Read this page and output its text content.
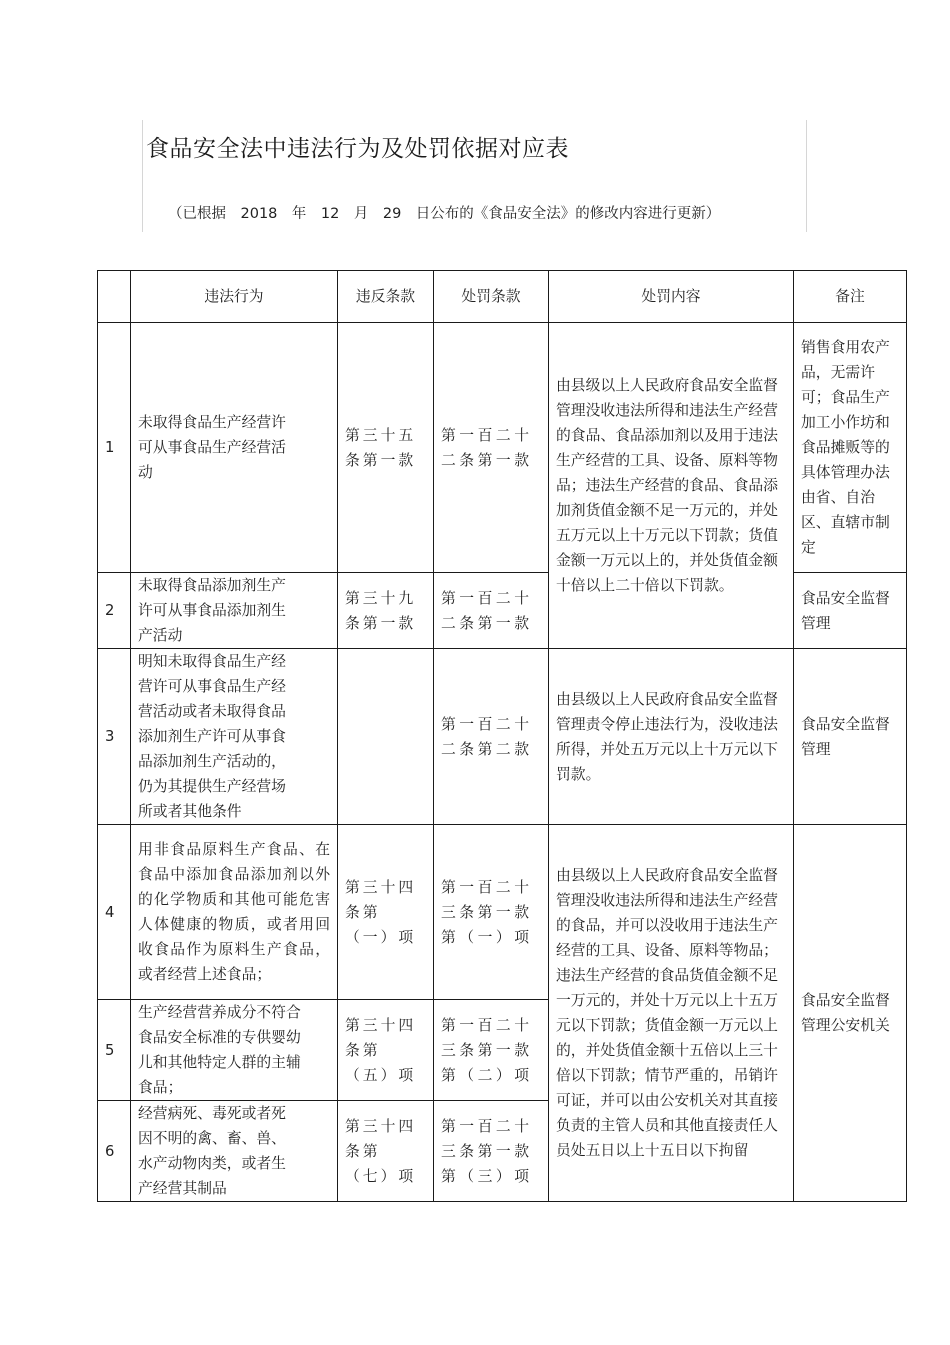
食品安全法中违法行为及处罚依据对应表
（已根据　2018　年　12　月　29　日公布的《食品安全法》的修改内容进行更新）
	违法行为	违反条款	处罚条款	处罚内容	备注
1	未取得食品生产经营许可从事食品生产经营活动	第三十五条第一款	第一百二十二条第一款	由县级以上人民政府食品安全监督管理没收违法所得和违法生产经营的食品、食品添加剂以及用于违法生产经营的工具、设备、原料等物品；违法生产经营的食品、食品添加剂货值金额不足一万元的，并处五万元以上十万元以下罚款；货值金额一万元以上的，并处货值金额十倍以上二十倍以下罚款。	销售食用农产品，无需许可；食品生产加工小作坊和食品摊贩等的具体管理办法由省、自治区、直辖市制定
2	未取得食品添加剂生产许可从事食品添加剂生产活动	第三十九条第一款	第一百二十二条第一款		食品安全监督管理
3	明知未取得食品生产经营许可从事食品生产经营活动或者未取得食品添加剂生产许可从事食品添加剂生产活动的，仍为其提供生产经营场所或者其他条件		第一百二十二条第二款	由县级以上人民政府食品安全监督管理责令停止违法行为，没收违法所得，并处五万元以上十万元以下罚款。	食品安全监督管理
4	用非食品原料生产食品、在食品中添加食品添加剂以外的化学物质和其他可能危害人体健康的物质，或者用回收食品作为原料生产食品，或者经营上述食品；	第三十四条第（一）项	第一百二十三条第一款第（一）项	由县级以上人民政府食品安全监督管理没收违法所得和违法生产经营的食品，并可以没收用于违法生产经营的工具、设备、原料等物品；违法生产经营的食品货值金额不足一万元的，并处十万元以上十五万元以下罚款；货值金额一万元以上的，并处货值金额十五倍以上三十倍以下罚款；情节严重的，吊销许可证，并可以由公安机关对其直接负责的主管人员和其他直接责任人员处五日以上十五日以下拘留	食品安全监督管理公安机关
5	生产经营营养成分不符合食品安全标准的专供婴幼儿和其他特定人群的主辅食品；	第三十四条第（五）项	第一百二十三条第一款第（二）项		
6	经营病死、毒死或者死因不明的禽、畜、兽、水产动物肉类，或者生产经营其制品	第三十四条第（七）项	第一百二十三条第一款第（三）项		
